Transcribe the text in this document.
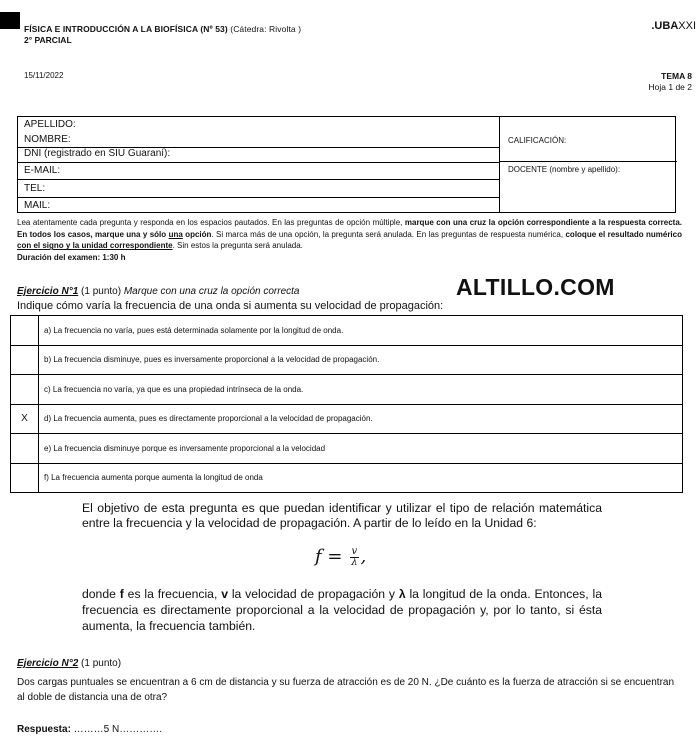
FÍSICA E INTRODUCCIÓN A LA BIOFÍSICA (Nº 53) (Cátedra: Rivolta )
2° PARCIAL
.UBAXXI
15/11/2022	TEMA 8
Hoja 1 de 2
APELLIDO:
NOMBRE:
DNI (registrado en SIU Guaraní):
E-MAIL:
TEL:
MAIL:
CALIFICACIÓN:
DOCENTE (nombre y apellido):
Lea atentamente cada pregunta y responda en los espacios pautados. En las preguntas de opción múltiple, marque con una cruz la opción correspondiente a la respuesta correcta. En todos los casos, marque una y sólo una opción. Si marca más de una opción, la pregunta será anulada. En las preguntas de respuesta numérica, coloque el resultado numérico con el signo y la unidad correspondiente. Sin estos la pregunta será anulada.
Duración del examen: 1:30 h
ALTILLO.COM
Ejercicio N°1 (1 punto) Marque con una cruz la opción correcta
Indique cómo varía la frecuencia de una onda si aumenta su velocidad de propagación:
	a) La frecuencia no varía, pues está determinada solamente por la longitud de onda.
	b) La frecuencia disminuye, pues es inversamente proporcional a la velocidad de propagación.
	c) La frecuencia no varía, ya que es una propiedad intrínseca de la onda.
X	d) La frecuencia aumenta, pues es directamente proporcional a la velocidad de propagación.
	e) La frecuencia disminuye porque es inversamente proporcional a la velocidad
	f) La frecuencia aumenta porque aumenta la longitud de onda
El objetivo de esta pregunta es que puedan identificar y utilizar el tipo de relación matemática entre la frecuencia y la velocidad de propagación. A partir de lo leído en la Unidad 6:
$f = \frac{v}{\lambda}$ ,
donde f es la frecuencia, v la velocidad de propagación y λ la longitud de la onda. Entonces, la frecuencia es directamente proporcional a la velocidad de propagación y, por lo tanto, si ésta aumenta, la frecuencia también.
Ejercicio N°2 (1 punto)
Dos cargas puntuales se encuentran a 6 cm de distancia y su fuerza de atracción es de 20 N. ¿De cuánto es la fuerza de atracción si se encuentran al doble de distancia una de otra?
Respuesta: ………5 N………….
